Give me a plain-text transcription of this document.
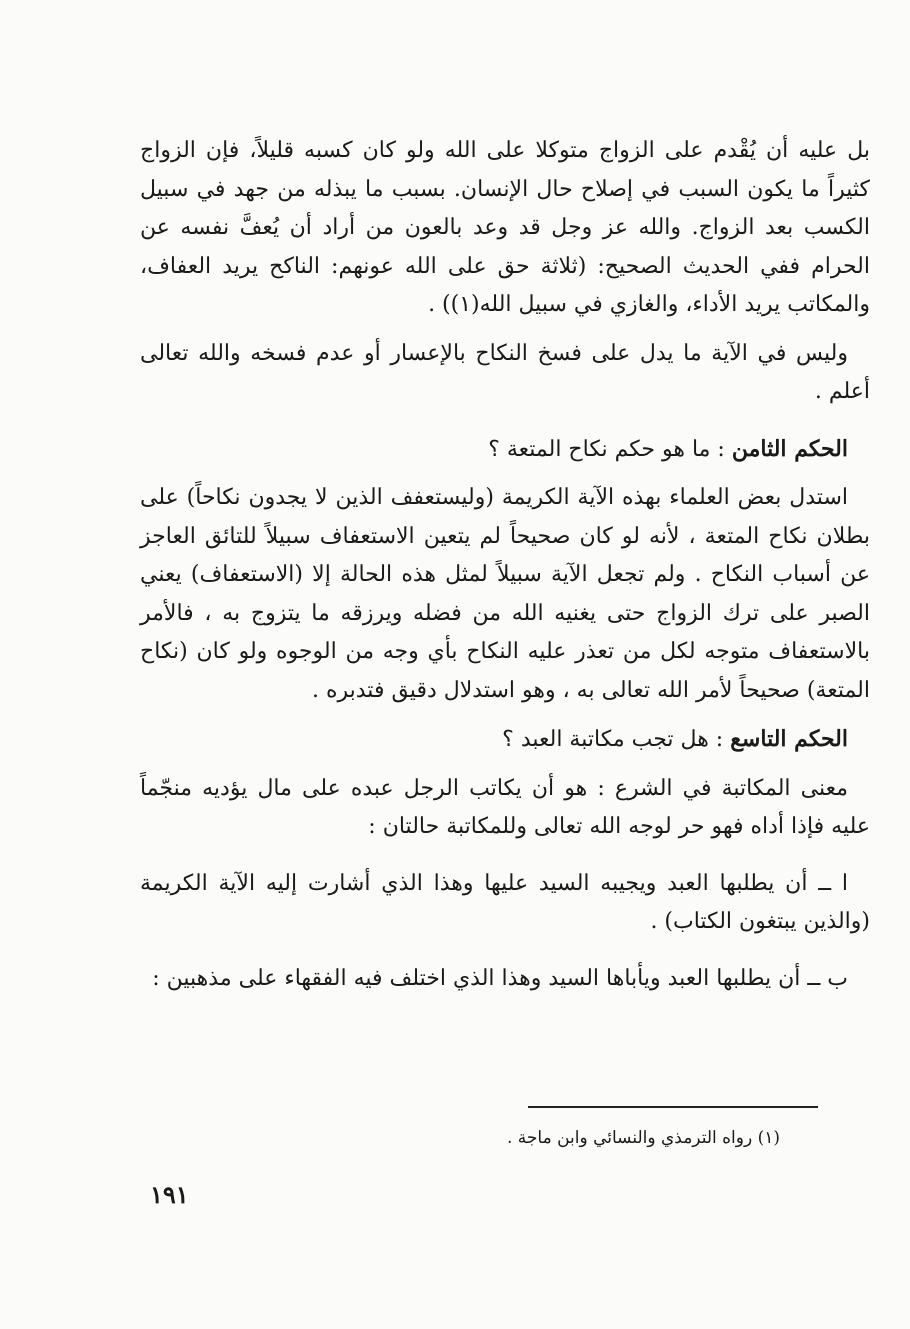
بل عليه أن يُقْدم على الزواج متوكلا على الله ولو كان كسبه قليلاً، فإن الزواج كثيراً ما يكون السبب في إصلاح حال الإنسان. بسبب ما يبذله من جهد في سبيل الكسب بعد الزواج. والله عز وجل قد وعد بالعون من أراد أن يُعفَّ نفسه عن الحرام ففي الحديث الصحيح: (ثلاثة حق على الله عونهم: الناكح يريد العفاف، والمكاتب يريد الأداء، والغازي في سبيل الله(١)) .

وليس في الآية ما يدل على فسخ النكاح بالإعسار أو عدم فسخه والله تعالى أعلم .

الحكم الثامن : ما هو حكم نكاح المتعة ؟

استدل بعض العلماء بهذه الآية الكريمة (وليستعفف الذين لا يجدون نكاحاً) على بطلان نكاح المتعة ، لأنه لو كان صحيحاً لم يتعين الاستعفاف سبيلاً للتائق العاجز عن أسباب النكاح . ولم تجعل الآية سبيلاً لمثل هذه الحالة إلا (الاستعفاف) يعني الصبر على ترك الزواج حتى يغنيه الله من فضله ويرزقه ما يتزوج به ، فالأمر بالاستعفاف متوجه لكل من تعذر عليه النكاح بأي وجه من الوجوه ولو كان (نكاح المتعة) صحيحاً لأمر الله تعالى به ، وهو استدلال دقيق فتدبره .

الحكم التاسع : هل تجب مكاتبة العبد ؟

معنى المكاتبة في الشرع : هو أن يكاتب الرجل عبده على مال يؤديه منجّماً عليه فإذا أداه فهو حر لوجه الله تعالى وللمكاتبة حالتان :

ا ــ أن يطلبها العبد ويجيبه السيد عليها وهذا الذي أشارت إليه الآية الكريمة (والذين يبتغون الكتاب) .

ب ــ أن يطلبها العبد ويأباها السيد وهذا الذي اختلف فيه الفقهاء على مذهبين :

(١) رواه الترمذي والنسائي وابن ماجة .

١٩١
